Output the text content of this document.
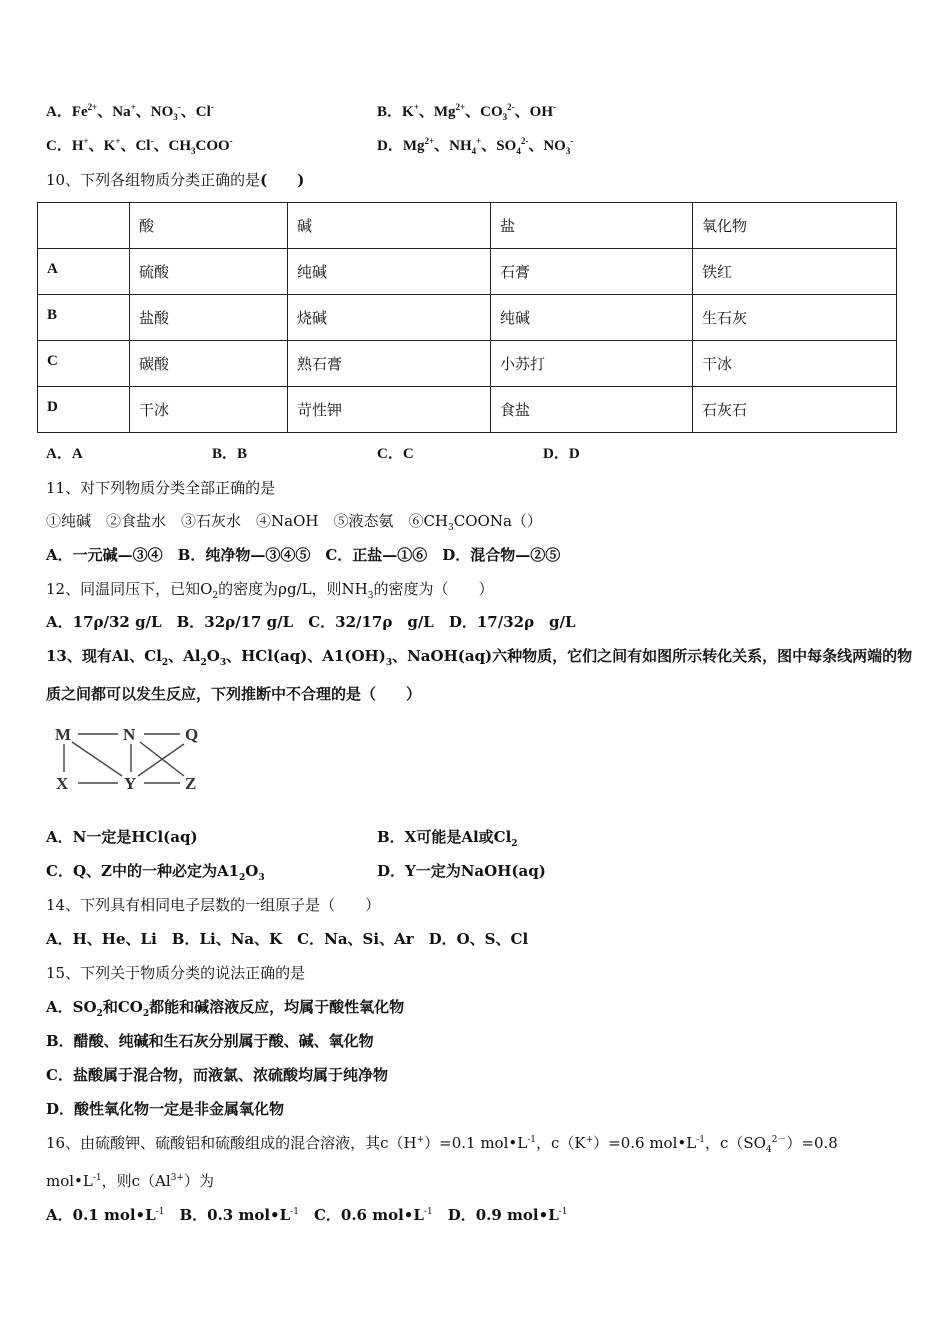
A．$Fe^{2+}$、Na+、$NO_3^-$、Cl-	B．K+、$Mg^{2+}$、$CO_3^{2-}$、OH-
C．H+、K+、Cl-、$CH_3COO^-$	D．$Mg^{2+}$、$NH_4^+$、$SO_4^{2-}$、$NO_3^-$
10、下列各组物质分类正确的是(　　)
	酸	碱	盐	氧化物
A	硫酸	纯碱	石膏	铁红
B	盐酸	烧碱	纯碱	生石灰
C	碳酸	熟石膏	小苏打	干冰
D	干冰	苛性钾	食盐	石灰石
A．A	B．B	C．C	D．D
11、对下列物质分类全部正确的是
①纯碱　②食盐水　③石灰水　④NaOH　⑤液态氨　$⑥CH_3COONa()$
A．一元碱—③④　B．纯净物—③④⑤　C．正盐—①⑥　D．混合物—②⑤
12、同温同压下，已知$O_2$的密度为ρg/L，则$NH_3$的密度为（　　）
A．17ρ/32 g/L　B．32ρ/17 g/L　C．32/17ρ　g/L　D．17/32ρ　g/L
13、现有Al、$Cl_2$、$Al_2O_3$、HCl(aq)、$A1(OH)_3$、NaOH(aq)六种物质，它们之间有如图所示转化关系，图中每条线两端的物
质之间都可以发生反应，下列推断中不合理的是（　　）
M	N	Q
X	Y	Z
A．N一定是HCl(aq)	B．X可能是Al或$Cl_2$
C．Q、Z中的一种必定为$A1_2O_3$	D．Y一定为NaOH(aq)
14、下列具有相同电子层数的一组原子是（　　）
A．H、He、Li　B．Li、Na、K　C．Na、Si、Ar　D．O、S、Cl
15、下列关于物质分类的说法正确的是
A．$SO_2$和$CO_2$都能和碱溶液反应，均属于酸性氧化物
B．醋酸、纯碱和生石灰分别属于酸、碱、氧化物
C．盐酸属于混合物，而液氯、浓硫酸均属于纯净物
D．酸性氧化物一定是非金属氧化物
16、由硫酸钾、硫酸铝和硫酸组成的混合溶液，其c（H+）=0.1 $mol•L^{-1}$，c（K+）=0.6 $mol•L^{-1}$，$c(SO_4^{2-})=0.8$
$mol•L^{-1}$，则$c(Al^{3+})$为
A．0.1 $mol•L^{-1}$　B．0.3 $mol•L^{-1}$　C．0.6 $mol•L^{-1}$　D．0.9 $mol•L^{-1}$
